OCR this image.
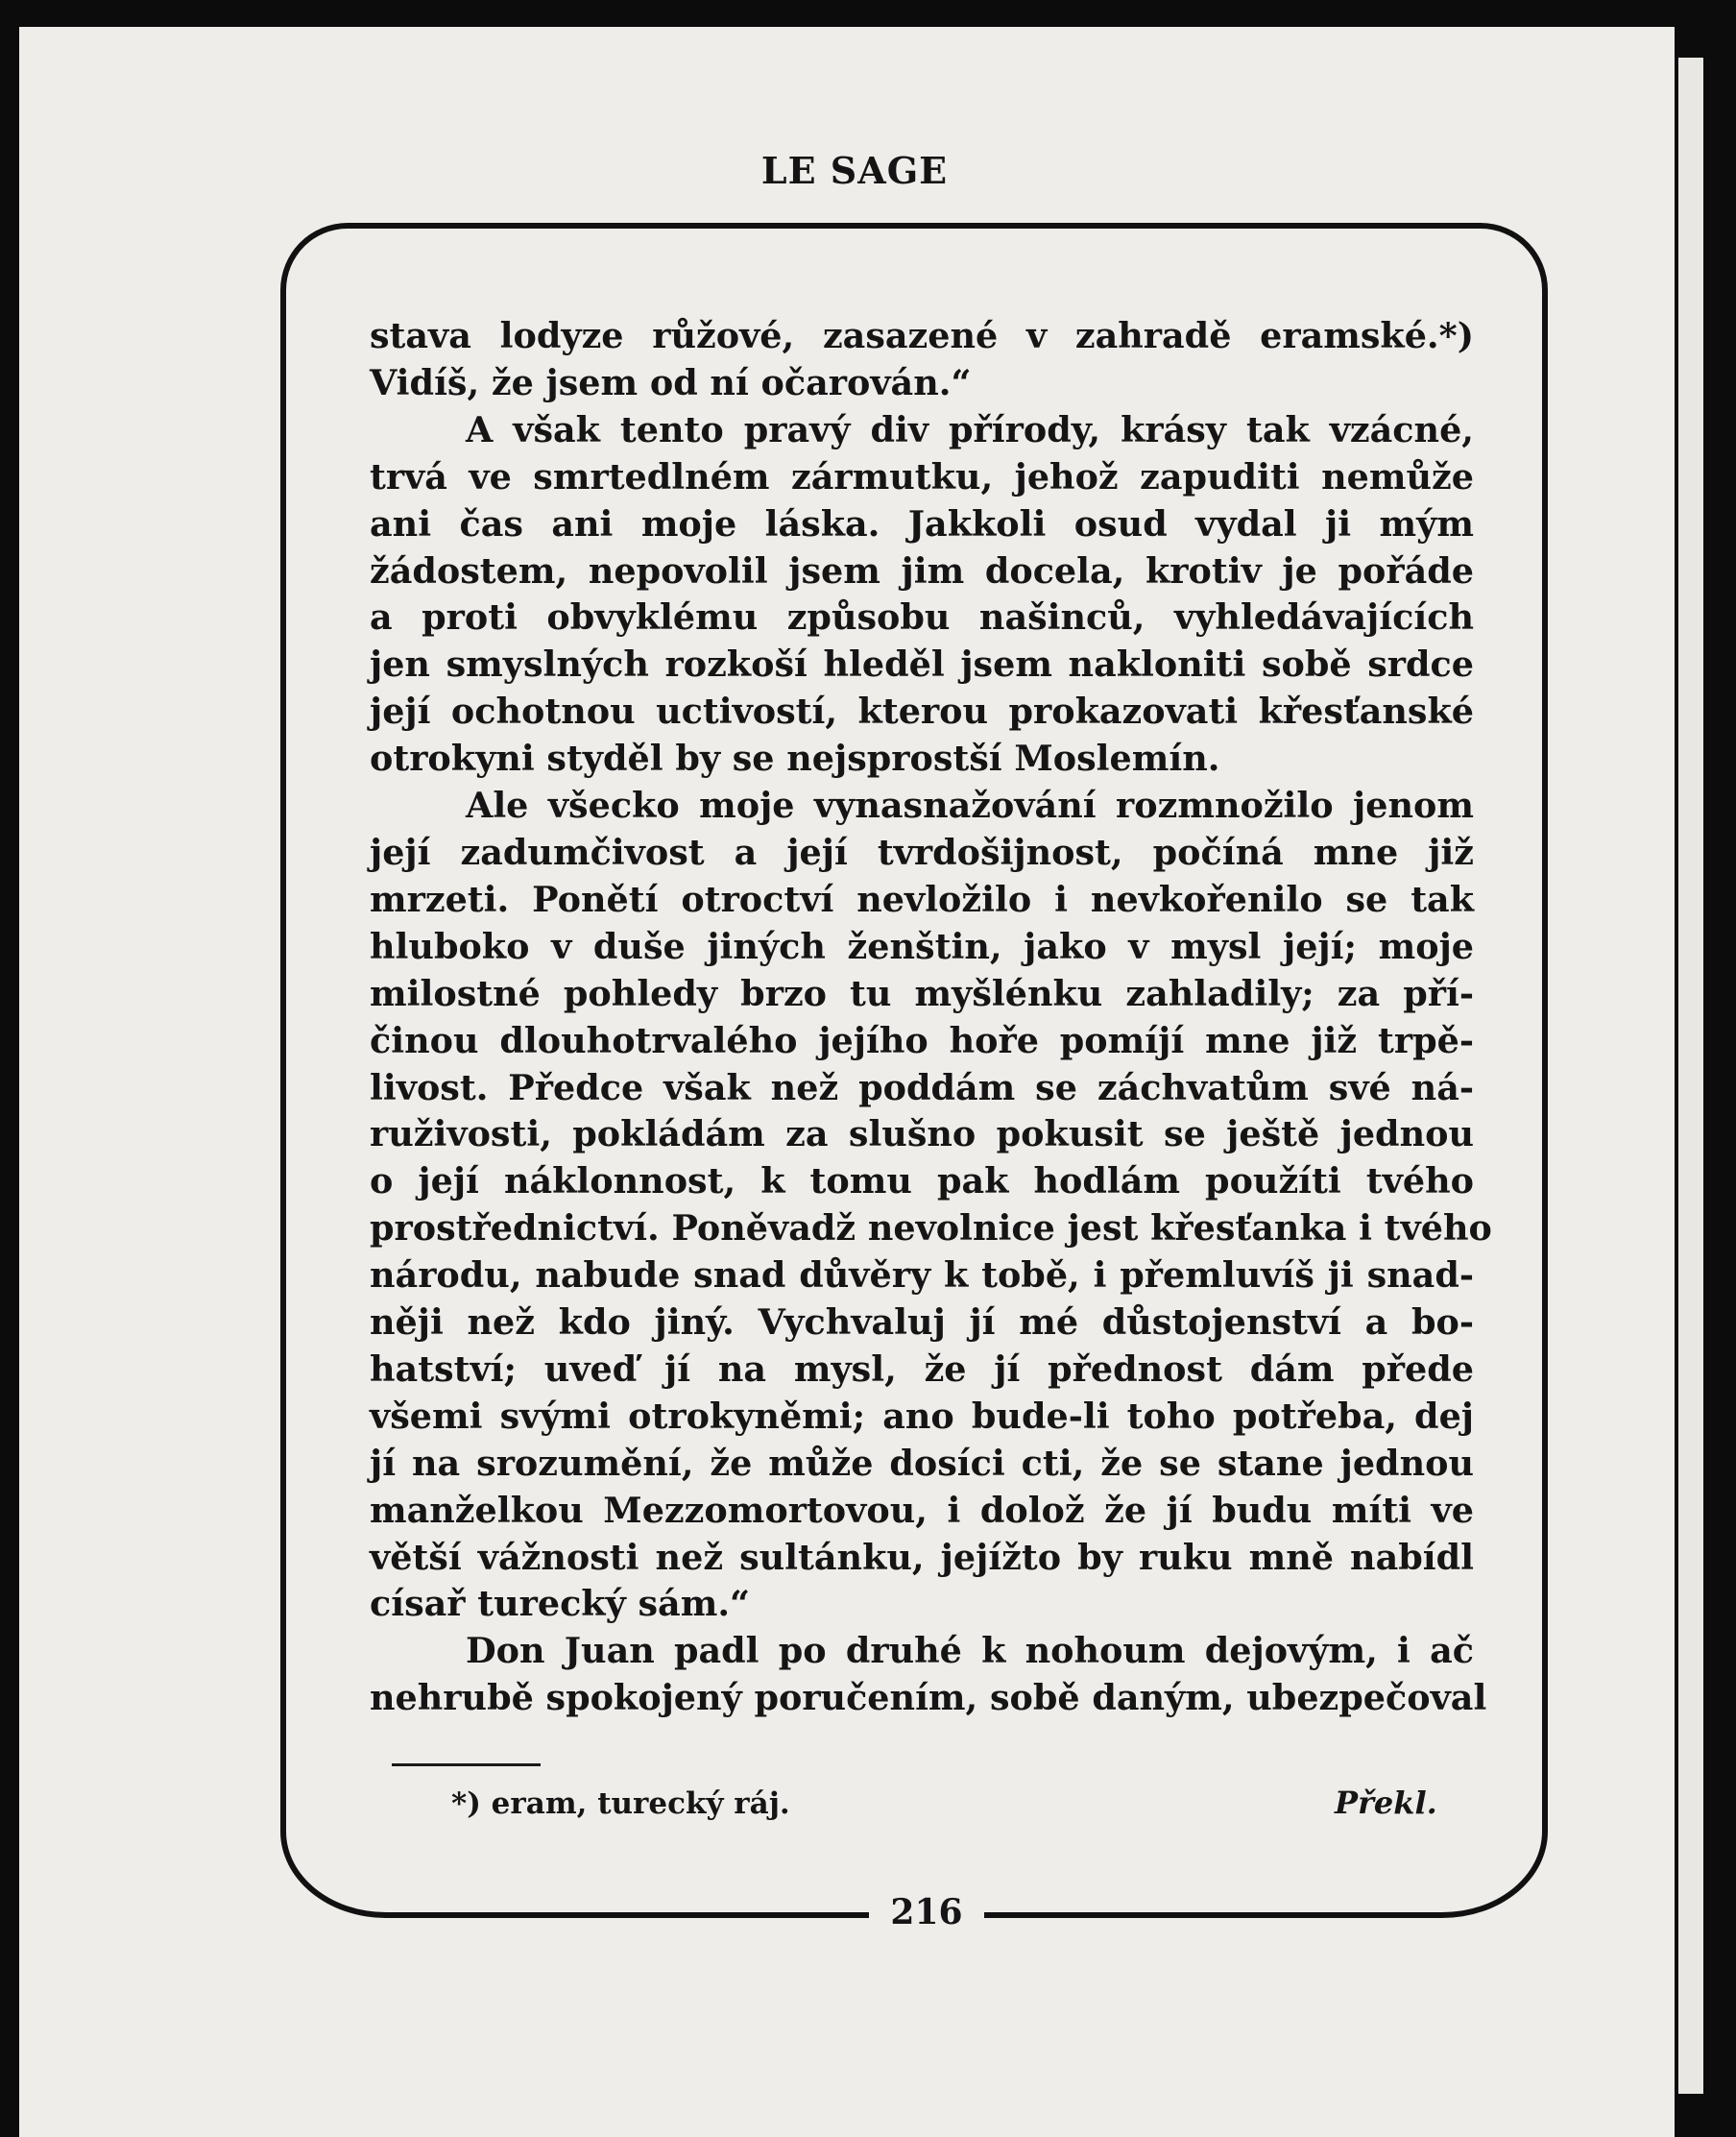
LE SAGE
stava lodyze růžové, zasazené v zahradě eramské.*)
Vidíš, že jsem od ní očarován.“
A však tento pravý div přírody, krásy tak vzácné,
trvá ve smrtedlném zármutku, jehož zapuditi nemůže
ani čas ani moje láska. Jakkoli osud vydal ji mým
žádostem, nepovolil jsem jim docela, krotiv je pořáde
a proti obvyklému způsobu našinců, vyhledávajících
jen smyslných rozkoší hleděl jsem nakloniti sobě srdce
její ochotnou uctivostí, kterou prokazovati křesťanské
otrokyni styděl by se nejsprostší Moslemín.
Ale všecko moje vynasnažování rozmnožilo jenom
její zadumčivost a její tvrdošijnost, počíná mne již
mrzeti. Ponětí otroctví nevložilo i nevkořenilo se tak
hluboko v duše jiných ženštin, jako v mysl její; moje
milostné pohledy brzo tu myšlénku zahladily; za pří-
činou dlouhotrvalého jejího hoře pomíjí mne již trpě-
livost. Předce však než poddám se záchvatům své ná-
ruživosti, pokládám za slušno pokusit se ještě jednou
o její náklonnost, k tomu pak hodlám použíti tvého
prostřednictví. Poněvadž nevolnice jest křesťanka i tvého
národu, nabude snad důvěry k tobě, i přemluvíš ji snad-
něji než kdo jiný. Vychvaluj jí mé důstojenství a bo-
hatství; uveď jí na mysl, že jí přednost dám přede
všemi svými otrokyněmi; ano bude-li toho potřeba, dej
jí na srozumění, že může dosíci cti, že se stane jednou
manželkou Mezzomortovou, i dolož že jí budu míti ve
větší vážnosti než sultánku, jejížto by ruku mně nabídl
císař turecký sám.“
Don Juan padl po druhé k nohoum dejovým, i ač
nehrubě spokojený poručením, sobě daným, ubezpečoval
*) eram, turecký ráj.	Překl.
216
